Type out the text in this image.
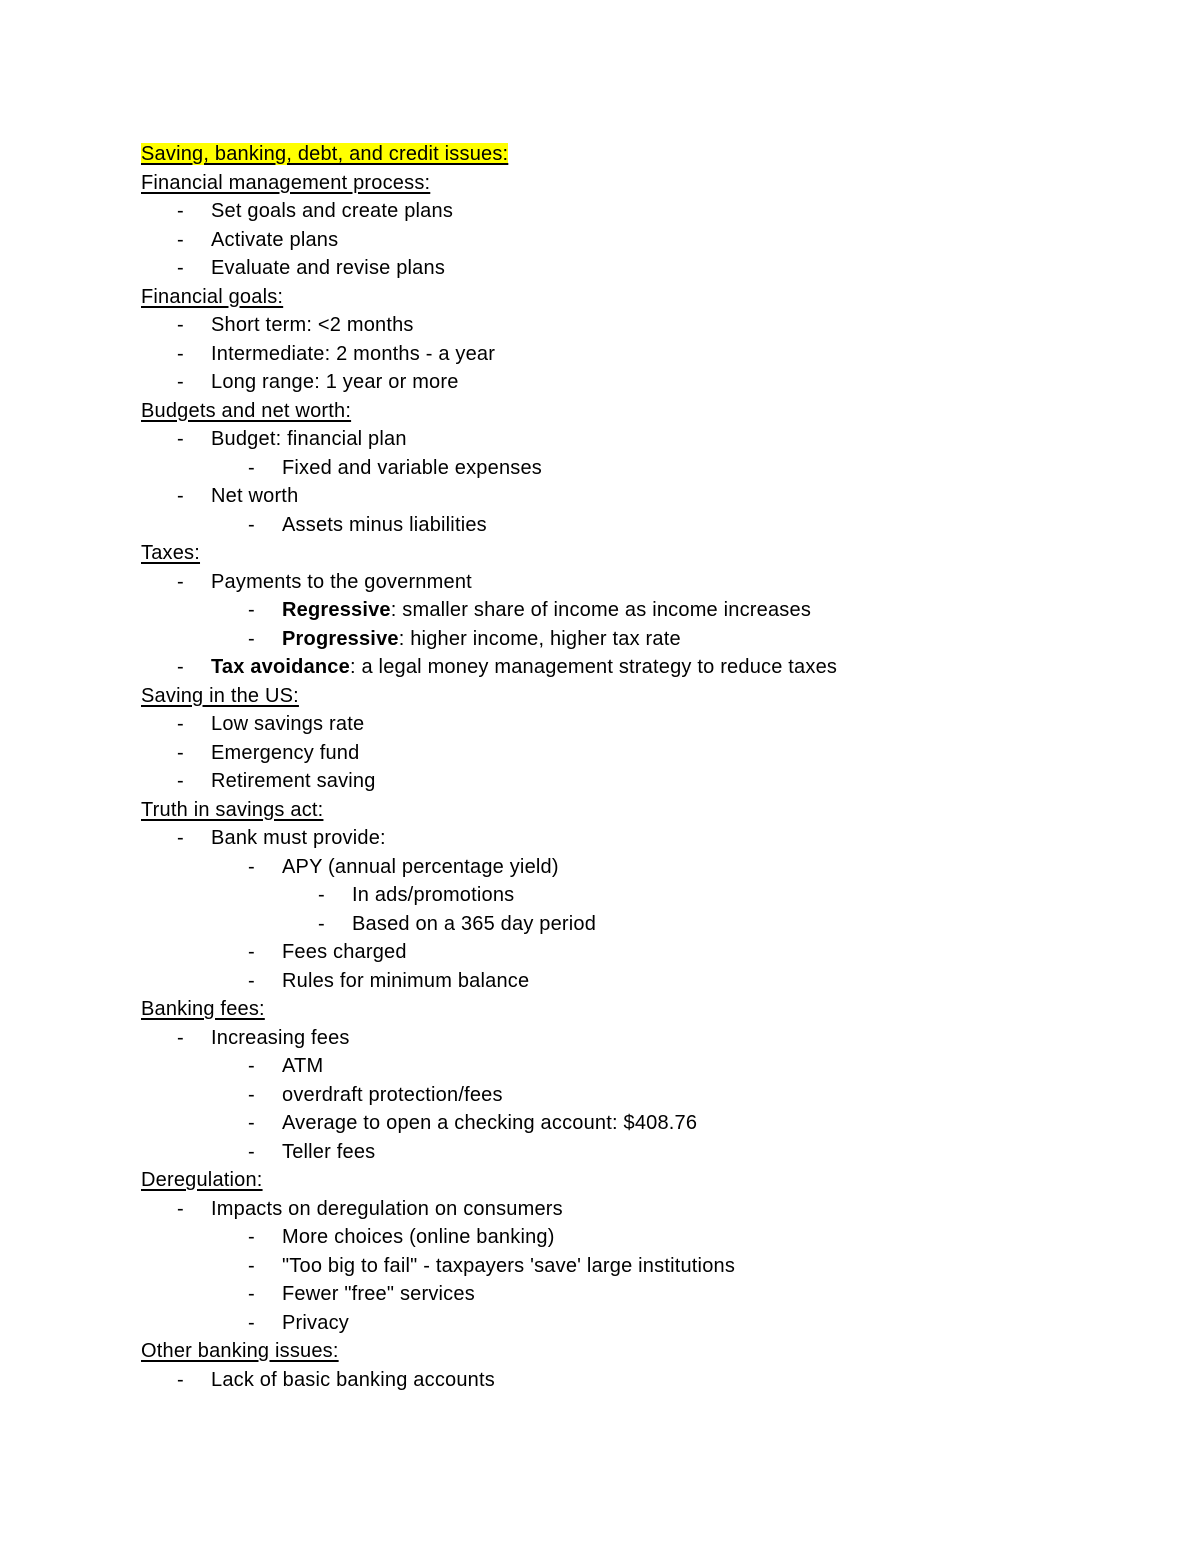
Saving, banking, debt, and credit issues:
Financial management process:
-	Set goals and create plans
-	Activate plans
-	Evaluate and revise plans
Financial goals:
-	Short term: <2 months
-	Intermediate: 2 months - a year
-	Long range: 1 year or more
Budgets and net worth:
-	Budget: financial plan
-	Fixed and variable expenses
-	Net worth
-	Assets minus liabilities
Taxes:
-	Payments to the government
-	Regressive: smaller share of income as income increases
-	Progressive: higher income, higher tax rate
-	Tax avoidance: a legal money management strategy to reduce taxes
Saving in the US:
-	Low savings rate
-	Emergency fund
-	Retirement saving
Truth in savings act:
-	Bank must provide:
-	APY (annual percentage yield)
-	In ads/promotions
-	Based on a 365 day period
-	Fees charged
-	Rules for minimum balance
Banking fees:
-	Increasing fees
-	ATM
-	overdraft protection/fees
-	Average to open a checking account: $408.76
-	Teller fees
Deregulation:
-	Impacts on deregulation on consumers
-	More choices (online banking)
-	"Too big to fail" - taxpayers 'save' large institutions
-	Fewer "free" services
-	Privacy
Other banking issues:
-	Lack of basic banking accounts
